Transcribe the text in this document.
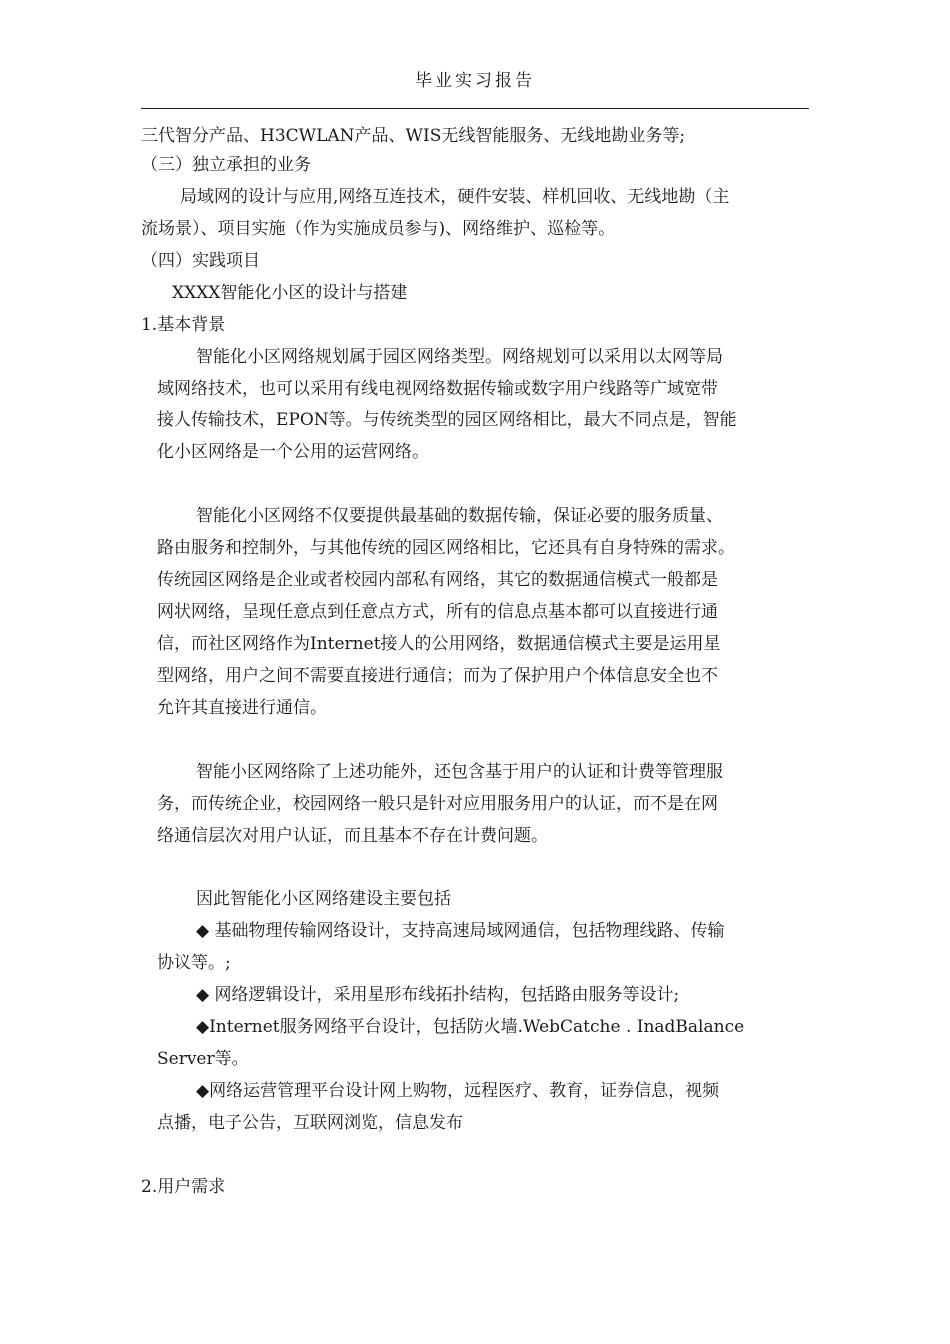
毕业实习报告
三代智分产品、H3CWLAN产品、WIS无线智能服务、无线地勘业务等;
（三）独立承担的业务
局域网的设计与应用,网络互连技术，硬件安装、样机回收、无线地勘（主
流场景）、项目实施（作为实施成员参与)、网络维护、巡检等。
（四）实践项目
XXXX智能化小区的设计与搭建
1.基本背景
智能化小区网络规划属于园区网络类型。网络规划可以采用以太网等局
域网络技术，也可以采用有线电视网络数据传输或数字用户线路等广域宽带
接人传输技术，EPON等。与传统类型的园区网络相比，最大不同点是，智能
化小区网络是一个公用的运营网络。
智能化小区网络不仅要提供最基础的数据传输，保证必要的服务质量、
路由服务和控制外，与其他传统的园区网络相比，它还具有自身特殊的需求。
传统园区网络是企业或者校园内部私有网络，其它的数据通信模式一般都是
网状网络，呈现任意点到任意点方式，所有的信息点基本都可以直接进行通
信，而社区网络作为Internet接人的公用网络，数据通信模式主要是运用星
型网络，用户之间不需要直接进行通信；而为了保护用户个体信息安全也不
允许其直接进行通信。
智能小区网络除了上述功能外，还包含基于用户的认证和计费等管理服
务，而传统企业，校园网络一般只是针对应用服务用户的认证，而不是在网
络通信层次对用户认证，而且基本不存在计费问题。
因此智能化小区网络建设主要包括
◆ 基础物理传输网络设计，支持高速局域网通信，包括物理线路、传输
协议等。;
◆ 网络逻辑设计，采用星形布线拓扑结构，包括路由服务等设计;
◆Internet服务网络平台设计，包括防火墙.WebCatche . InadBalance
Server等。
◆网络运营管理平台设计网上购物，远程医疗、教育，证券信息，视频
点播，电子公告，互联网浏览，信息发布
2.用户需求
